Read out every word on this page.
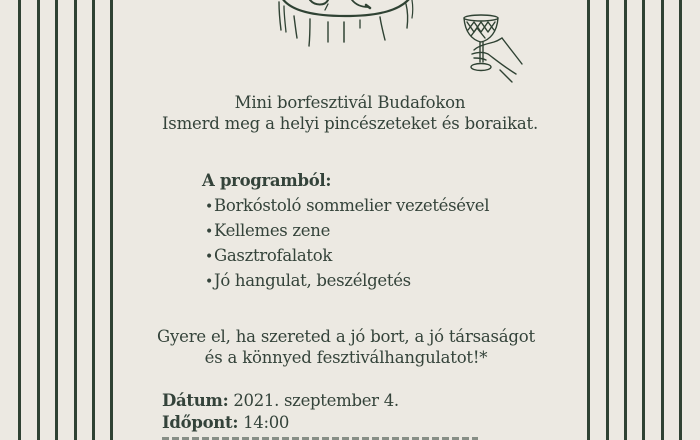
Mini borfesztivál Budafokon
Ismerd meg a helyi pincészeteket és boraikat.
A programból:
•Borkóstoló sommelier vezetésével
•Kellemes zene
•Gasztrofalatok
•Jó hangulat, beszélgetés
Gyere el, ha szereted a jó bort, a jó társaságot
és a könnyed fesztiválhangulatot!*
Dátum: 2021. szeptember 4.
Időpont: 14:00
